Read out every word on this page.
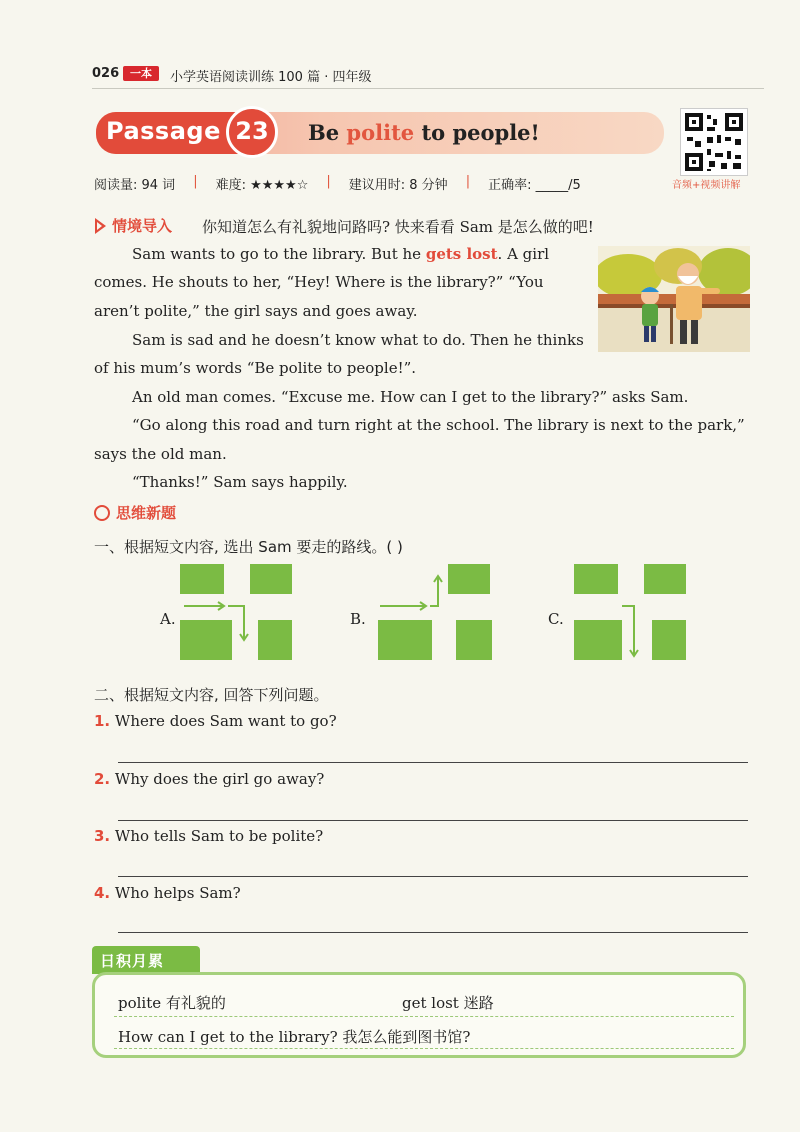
026 一本	小学英语阅读训练 100 篇 · 四年级
Passage 23	Be polite to people!
音频+视频讲解
阅读量: 94 词 | 难度: ★★★★☆ | 建议用时: 8 分钟 | 正确率: _____/5
情境导入 你知道怎么有礼貌地问路吗? 快来看看 Sam 是怎么做的吧!
Sam wants to go to the library. But he gets lost. A girl
comes. He shouts to her, “Hey! Where is the library?” “You
aren’t polite,” the girl says and goes away.
Sam is sad and he doesn’t know what to do. Then he thinks
of his mum’s words “Be polite to people!”.
An old man comes. “Excuse me. How can I get to the library?” asks Sam.
“Go along this road and turn right at the school. The library is next to the park,”
says the old man.
“Thanks!” Sam says happily.
思维新题
一、根据短文内容, 选出 Sam 要走的路线。( )
A.	B.	C.
二、根据短文内容, 回答下列问题。
1. Where does Sam want to go?
2. Why does the girl go away?
3. Who tells Sam to be polite?
4. Who helps Sam?
日积月累
polite 有礼貌的	get lost 迷路
How can I get to the library? 我怎么能到图书馆?
